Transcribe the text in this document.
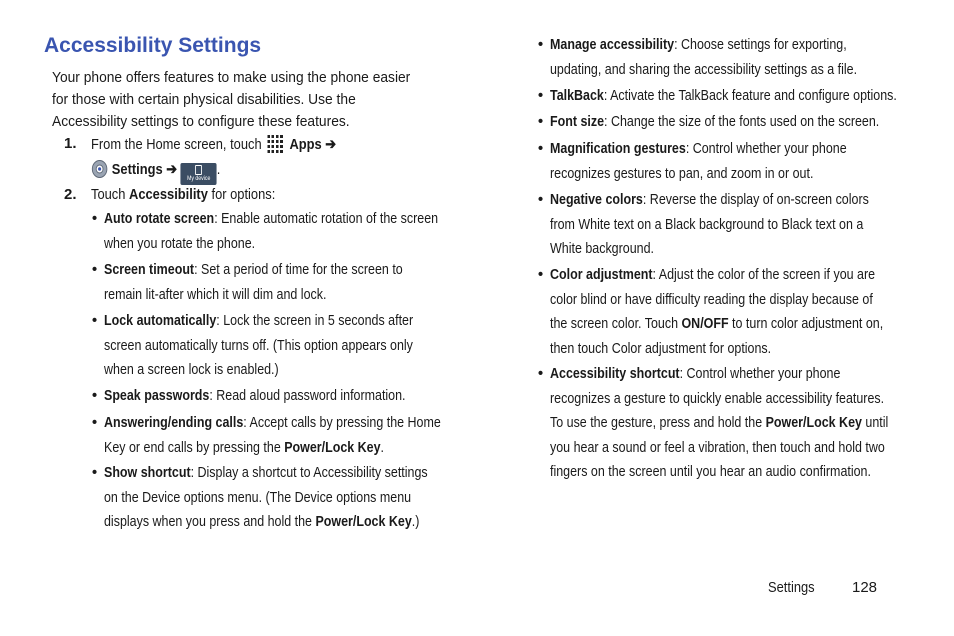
Accessibility Settings
Your phone offers features to make using the phone easier for those with certain physical disabilities. Use the Accessibility settings to configure these features.
1. From the Home screen, touch Apps ➔
Settings ➔
My device.
2. Touch Accessibility for options:
• Auto rotate screen: Enable automatic rotation of the screen when you rotate the phone.
• Screen timeout: Set a period of time for the screen to remain lit-after which it will dim and lock.
• Lock automatically: Lock the screen in 5 seconds after screen automatically turns off. (This option appears only when a screen lock is enabled.)
• Speak passwords: Read aloud password information.
• Answering/ending calls: Accept calls by pressing the Home Key or end calls by pressing the Power/Lock Key.
• Show shortcut: Display a shortcut to Accessibility settings on the Device options menu. (The Device options menu displays when you press and hold the Power/Lock Key.)
• Manage accessibility: Choose settings for exporting, updating, and sharing the accessibility settings as a file.
• TalkBack: Activate the TalkBack feature and configure options.
• Font size: Change the size of the fonts used on the screen.
• Magnification gestures: Control whether your phone recognizes gestures to pan, and zoom in or out.
• Negative colors: Reverse the display of on-screen colors from White text on a Black background to Black text on a White background.
• Color adjustment: Adjust the color of the screen if you are color blind or have difficulty reading the display because of the screen color. Touch ON/OFF to turn color adjustment on, then touch Color adjustment for options.
• Accessibility shortcut: Control whether your phone recognizes a gesture to quickly enable accessibility features. To use the gesture, press and hold the Power/Lock Key until you hear a sound or feel a vibration, then touch and hold two fingers on the screen until you hear an audio confirmation.
Settings 128
